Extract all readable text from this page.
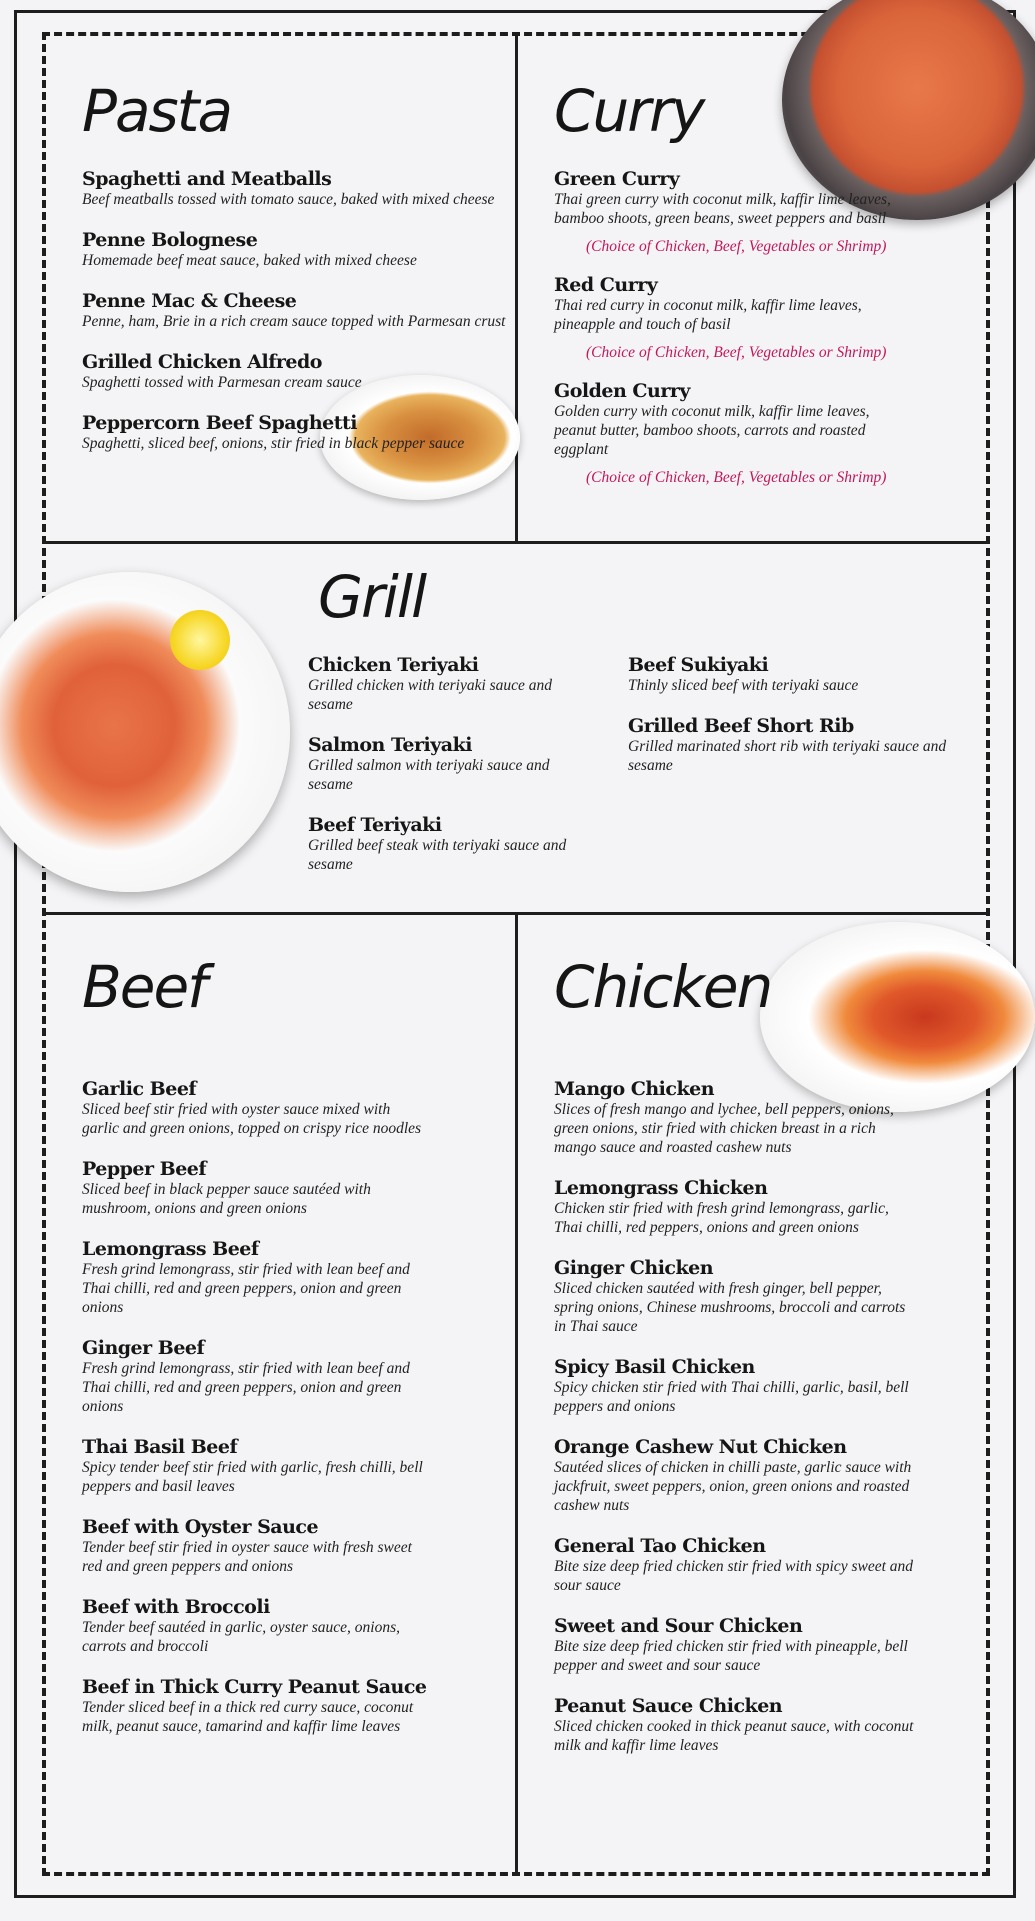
Pasta
Spaghetti and Meatballs
Beef meatballs tossed with tomato sauce, baked with mixed cheese
Penne Bolognese
Homemade beef meat sauce, baked with mixed cheese
Penne Mac & Cheese
Penne, ham, Brie in a rich cream sauce topped with Parmesan crust
Grilled Chicken Alfredo
Spaghetti tossed with Parmesan cream sauce
Peppercorn Beef Spaghetti
Spaghetti, sliced beef, onions, stir fried in black pepper sauce
Curry
Green Curry
Thai green curry with coconut milk, kaffir lime leaves, bamboo shoots, green beans, sweet peppers and basil
(Choice of Chicken, Beef, Vegetables or Shrimp)
Red Curry
Thai red curry in coconut milk, kaffir lime leaves, pineapple and touch of basil
(Choice of Chicken, Beef, Vegetables or Shrimp)
Golden Curry
Golden curry with coconut milk, kaffir lime leaves, peanut butter, bamboo shoots, carrots and roasted eggplant
(Choice of Chicken, Beef, Vegetables or Shrimp)
Grill
Chicken Teriyaki
Grilled chicken with teriyaki sauce and sesame
Salmon Teriyaki
Grilled salmon with teriyaki sauce and sesame
Beef Teriyaki
Grilled beef steak with teriyaki sauce and sesame
Beef Sukiyaki
Thinly sliced beef with teriyaki sauce
Grilled Beef Short Rib
Grilled marinated short rib with teriyaki sauce and sesame
Beef
Garlic Beef
Sliced beef stir fried with oyster sauce mixed with garlic and green onions, topped on crispy rice noodles
Pepper Beef
Sliced beef in black pepper sauce sautéed with mushroom, onions and green onions
Lemongrass Beef
Fresh grind lemongrass, stir fried with lean beef and Thai chilli, red and green peppers, onion and green onions
Ginger Beef
Fresh grind lemongrass, stir fried with lean beef and Thai chilli, red and green peppers, onion and green onions
Thai Basil Beef
Spicy tender beef stir fried with garlic, fresh chilli, bell peppers and basil leaves
Beef with Oyster Sauce
Tender beef stir fried in oyster sauce with fresh sweet red and green peppers and onions
Beef with Broccoli
Tender beef sautéed in garlic, oyster sauce, onions, carrots and broccoli
Beef in Thick Curry Peanut Sauce
Tender sliced beef in a thick red curry sauce, coconut milk, peanut sauce, tamarind and kaffir lime leaves
Chicken
Mango Chicken
Slices of fresh mango and lychee, bell peppers, onions, green onions, stir fried with chicken breast in a rich mango sauce and roasted cashew nuts
Lemongrass Chicken
Chicken stir fried with fresh grind lemongrass, garlic, Thai chilli, red peppers, onions and green onions
Ginger Chicken
Sliced chicken sautéed with fresh ginger, bell pepper, spring onions, Chinese mushrooms, broccoli and carrots in Thai sauce
Spicy Basil Chicken
Spicy chicken stir fried with Thai chilli, garlic, basil, bell peppers and onions
Orange Cashew Nut Chicken
Sautéed slices of chicken in chilli paste, garlic sauce with jackfruit, sweet peppers, onion, green onions and roasted cashew nuts
General Tao Chicken
Bite size deep fried chicken stir fried with spicy sweet and sour sauce
Sweet and Sour Chicken
Bite size deep fried chicken stir fried with pineapple, bell pepper and sweet and sour sauce
Peanut Sauce Chicken
Sliced chicken cooked in thick peanut sauce, with coconut milk and kaffir lime leaves
